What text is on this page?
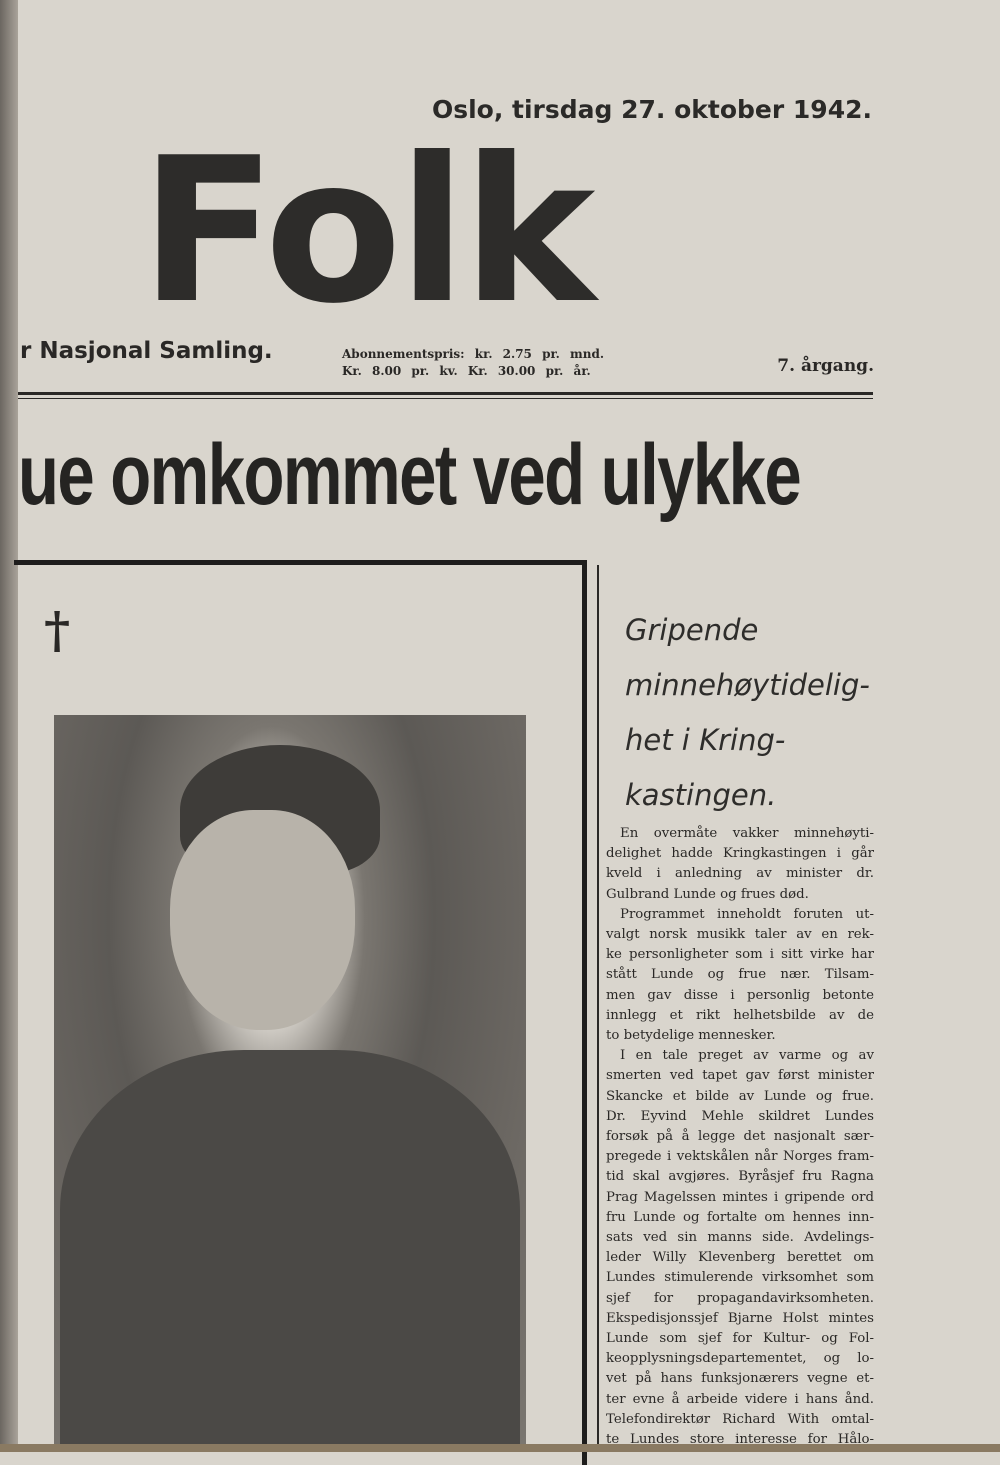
Oslo, tirsdag 27. oktober 1942.
Folk
r Nasjonal Samling.	Abonnementspris: kr. 2.75 pr. mnd.
Kr. 8.00 pr. kv. Kr. 30.00 pr. år.	7. årgang.
ue omkommet ved ulykke
†	Gripende
minnehøytidelig-
het i Kring-
kastingen.
En overmåte vakker minnehøyti-
delighet hadde Kringkastingen i går
kveld i anledning av minister dr.
Gulbrand Lunde og frues død.
Programmet inneholdt foruten ut-
valgt norsk musikk taler av en rek-
ke personligheter som i sitt virke har
stått Lunde og frue nær. Tilsam-
men gav disse i personlig betonte
innlegg et rikt helhetsbilde av de
to betydelige mennesker.
I en tale preget av varme og av
smerten ved tapet gav først minister
Skancke et bilde av Lunde og frue.
Dr. Eyvind Mehle skildret Lundes
forsøk på å legge det nasjonalt sær-
pregede i vektskålen når Norges fram-
tid skal avgjøres. Byråsjef fru Ragna
Prag Magelssen mintes i gripende ord
fru Lunde og fortalte om hennes inn-
sats ved sin manns side. Avdelings-
leder Willy Klevenberg berettet om
Lundes stimulerende virksomhet som
sjef for propagandavirksomheten.
Ekspedisjonssjef Bjarne Holst mintes
Lunde som sjef for Kultur- og Fol-
keopplysningsdepartementet, og lo-
vet på hans funksjonærers vegne et-
ter evne å arbeide videre i hans ånd.
Telefondirektør Richard With omtal-
te Lundes store interesse for Hålo-
